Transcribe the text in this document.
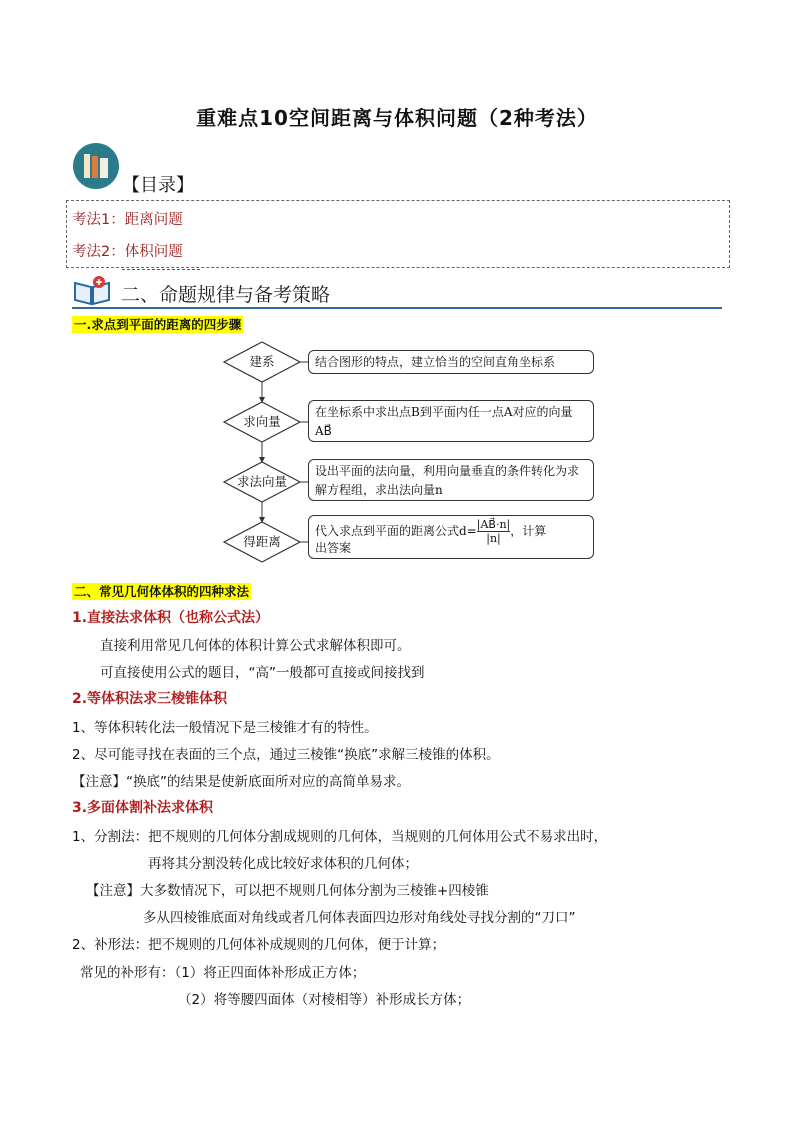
重难点10空间距离与体积问题（2种考法）
【目录】
考法1：距离问题
考法2：体积问题
二、命题规律与备考策略
一.求点到平面的距离的四步骤
建系
求向量
求法向量
得距离
结合图形的特点，建立恰当的空间直角坐标系
在坐标系中求出点B到平面内任一点A对应的向量AB⃗
设出平面的法向量，利用向量垂直的条件转化为求解方程组，求出法向量n
代入求点到平面的距离公式$d= \frac{|AB⃗\cdot n|}{|n|}$ ，计算
出答案
二、常见几何体体积的四种求法
1.直接法求体积（也称公式法）
直接利用常见几何体的体积计算公式求解体积即可。
可直接使用公式的题目，“高”一般都可直接或间接找到
2.等体积法求三棱锥体积
1、等体积转化法一般情况下是三棱锥才有的特性。
2、尽可能寻找在表面的三个点，通过三棱锥“换底”求解三棱锥的体积。
【注意】“换底”的结果是使新底面所对应的高简单易求。
3.多面体割补法求体积
1、分割法：把不规则的几何体分割成规则的几何体，当规则的几何体用公式不易求出时，
再将其分割没转化成比较好求体积的几何体；
【注意】大多数情况下，可以把不规则几何体分割为三棱锥+四棱锥
多从四棱锥底面对角线或者几何体表面四边形对角线处寻找分割的“刀口”
2、补形法：把不规则的几何体补成规则的几何体，便于计算；
常见的补形有：（1）将正四面体补形成正方体；
（2）将等腰四面体（对棱相等）补形成长方体；
